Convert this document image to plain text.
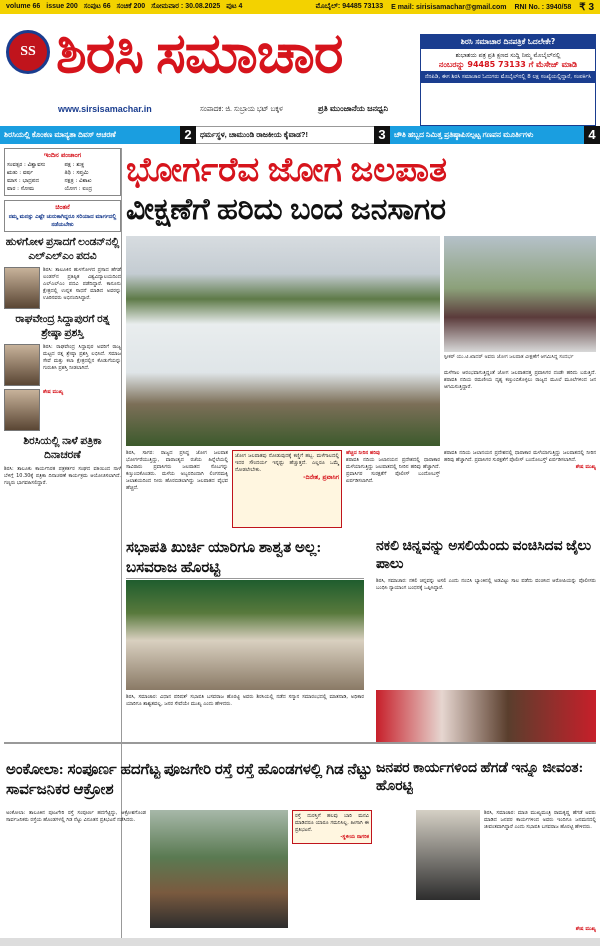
volume 66 issue 200 ಸಂಪುಟ 66 ಸಂಚಿಕೆ 200 ಸೋಮವಾರ : 30.08.2025 ಪುಟ 4	ಮೊಬೈಲ್: 94485 73133 E mail: sirisisamachar@gmail.com RNI No. : 3940/58 ₹ 3
SS ಶಿರಸಿ ಸಮಾಚಾರ
www.sirsisamachar.in	ಸಂಪಾದಕ: ಜಿ. ಸುಬ್ರಾಯ ಭಟ್ ಬಕ್ಕಳ	ಪ್ರತಿ ಮುಂಜಾನೆಯ ಜನಧ್ವನಿ
ಶಿರಸಿ ಸಮಾಚಾರ ದಿನಪತ್ರಿಕೆ ಓದಲೇಕೇ?
ಶುಭಾಶಯ ಪತ್ರ ಪ್ರತಿ ಕ್ಷಣದ ಸುದ್ದಿ ನಿಮ್ಮ ಮೊಬೈಲ್‌ನಲ್ಲಿ
ನಂಬರನ್ನು 94485 73133 ಗೆ ಮೆಸೇಜ್ ಮಾಡಿ
ನೆನಪಿಡಿ, ಈಗ ಶಿರಸಿ ಸಮಾಚಾರ ಓದುಗರು ಮೊಬೈಲ್‌ನಲ್ಲಿ 8 ಲಕ್ಷ ಸಂಖ್ಯೆಯಲ್ಲಿದ್ದಾರೆ, ಸಂಪರ್ಕಿಸಿ
ಶಿರಸಿಯಲ್ಲಿ ಕೊಂಕಣ ಮಾನ್ಯತಾ ದಿವಸ್ ಆಚರಣೆ	2	ಧರ್ಮಸ್ಥಳ, ಚಾಮುಂಡಿ ರಾಜಕೀಯ ಕೈವಾಡ?!	3	ಚೌತಿ ಹಬ್ಬದ ನಿಮಿತ್ತ ಪ್ರತಿಷ್ಠಾಪಿಸಲ್ಪಟ್ಟ ಗಣಪನ ಮೂರ್ತಿಗಳು	4
ಇಂದಿನ ಪಂಚಾಂಗ
ಸಂವತ್ಸರ : ವಿಶ್ವಾವಸು	ಪಕ್ಷ : ಶುಕ್ಲ
ಋತು : ವರ್ಷ	ತಿಥಿ : ಸಪ್ತಮಿ
ಮಾಸ : ಭಾದ್ರಪದ	ನಕ್ಷತ್ರ : ವಿಶಾಖ
ವಾರ : ಸೋಮ	ಯೋಗ : ಐಂದ್ರ
ಚಿಂತನೆ
ನಮ್ಮ ಮನಸ್ಸು ಎಷ್ಟೇ ಚುರುಕಾಗಿದ್ದರೂ ಸರಿಯಾದ ಮಾರ್ಗದಲ್ಲಿ ನಡೆಯಬೇಕು
ಹುಳಗೋಳ ಪ್ರಸಾದಗೆ ಲಂಡನ್‌ನಲ್ಲಿ ಎಲ್‌ಎಲ್‌ಎಂ ಪದವಿ
ಶಿರಸಿ: ತಾಲೂಕಿನ ಹುಳಗೋಳದ ಪ್ರಸಾದ ಹೆಗಡೆ ಲಂಡನ್‌ನ ಪ್ರತಿಷ್ಠಿತ ವಿಶ್ವವಿದ್ಯಾಲಯದಿಂದ ಎಲ್‌ಎಲ್‌ಎಂ ಪದವಿ ಪಡೆದಿದ್ದಾರೆ. ಕಾನೂನು ಕ್ಷೇತ್ರದಲ್ಲಿ ಉನ್ನತ ಸಾಧನೆ ಮಾಡಿದ ಅವರನ್ನು ಊರಿನವರು ಅಭಿನಂದಿಸಿದ್ದಾರೆ.
ರಾಘವೇಂದ್ರ ಸಿದ್ದಾಪುರಗೆ ರತ್ನ ಶ್ರೇಷ್ಠಾ ಪ್ರಶಸ್ತಿ
ಶಿರಸಿ: ರಾಘವೇಂದ್ರ ಸಿದ್ದಾಪುರ ಅವರಿಗೆ ರಾಜ್ಯ ಮಟ್ಟದ ರತ್ನ ಶ್ರೇಷ್ಠಾ ಪ್ರಶಸ್ತಿ ಲಭಿಸಿದೆ. ಸಮಾಜ ಸೇವೆ ಮತ್ತು ಕಲಾ ಕ್ಷೇತ್ರದಲ್ಲಿನ ಕೊಡುಗೆಯನ್ನು ಗುರುತಿಸಿ ಪ್ರಶಸ್ತಿ ನೀಡಲಾಗಿದೆ.
ಶೇಷ ಮುಖ್ಯ
ಶಿರಸಿಯಲ್ಲಿ ನಾಳೆ ಪತ್ರಿಕಾ ದಿನಾಚರಣೆ
ಶಿರಸಿ: ತಾಲೂಕು ಕಾರ್ಯನಿರತ ಪತ್ರಕರ್ತರ ಸಂಘದ ವತಿಯಿಂದ ನಾಳೆ ಬೆಳಿಗ್ಗೆ 10.30ಕ್ಕೆ ಪತ್ರಿಕಾ ದಿನಾಚರಣೆ ಕಾರ್ಯಕ್ರಮ ಆಯೋಜಿಸಲಾಗಿದೆ. ಗಣ್ಯರು ಭಾಗವಹಿಸಲಿದ್ದಾರೆ.
ಭೋರ್ಗರೆವ ಜೋಗ ಜಲಪಾತ
ವೀಕ್ಷಣೆಗೆ ಹರಿದು ಬಂದ ಜನಸಾಗರ
ಸ್ಪೀಕರ್ ಯು.ಟಿ.ಖಾದರ್ ಅವರು ಜೋಗ ಜಲಪಾತ ವೀಕ್ಷಣೆಗೆ ಆಗಮಿಸಿದ್ದ ಸಂದರ್ಭ
ಮಳೆಗಾಲ ಆರಂಭವಾಗುತ್ತಿದ್ದಂತೆ ಜೋಗ ಜಲಪಾತದತ್ತ ಪ್ರವಾಸಿಗರ ದಂಡೇ ಹರಿದು ಬರುತ್ತಿದೆ. ಶರಾವತಿ ನದಿಯ ರಮಣೀಯ ದೃಶ್ಯ ಕಣ್ತುಂಬಿಕೊಳ್ಳಲು ರಾಜ್ಯದ ಮೂಲೆ ಮೂಲೆಗಳಿಂದ ಜನ ಆಗಮಿಸುತ್ತಿದ್ದಾರೆ.
ಶಿರಸಿ, ಸಾಗರ: ರಾಜ್ಯದ ಪ್ರಸಿದ್ಧ ಜೋಗ ಜಲಪಾತ ಭೋರ್ಗರೆಯುತ್ತಿದ್ದು, ವಾರಾಂತ್ಯದ ರಜೆಯ ಹಿನ್ನೆಲೆಯಲ್ಲಿ ಸಾವಿರಾರು ಪ್ರವಾಸಿಗರು ಜಲಪಾತದ ಸೊಬಗನ್ನು ಕಣ್ತುಂಬಿಕೊಂಡರು. ಮಳೆಯ ಅಬ್ಬರದಿಂದಾಗಿ ಲಿಂಗನಮಕ್ಕಿ ಜಲಾಶಯದಿಂದ ನೀರು ಹೊರಬಿಡಲಾಗಿದ್ದು ಜಲಪಾತದ ವೈಭವ ಹೆಚ್ಚಿದೆ.
ಜೋಗ ಜಲಪಾತವು ನೋಡುವುದಕ್ಕೆ ಕಣ್ಣಿಗೆ ಹಬ್ಬ. ಮಳೆಗಾಲದಲ್ಲಿ ಇದರ ಸೌಂದರ್ಯ ಇನ್ನಷ್ಟು ಹೆಚ್ಚುತ್ತದೆ. ಎಲ್ಲರೂ ಒಮ್ಮೆ ನೋಡಲೇಬೇಕು.
-ದಿನೇಶ, ಪ್ರವಾಸಿಗ
ಹೆಚ್ಚಿದ ನೀರಿನ ಹರಿವು
ಶರಾವತಿ ನದಿಯ ಜಲಾನಯನ ಪ್ರದೇಶದಲ್ಲಿ ಧಾರಾಕಾರ ಮಳೆಯಾಗುತ್ತಿದ್ದು ಜಲಪಾತದಲ್ಲಿ ನೀರಿನ ಹರಿವು ಹೆಚ್ಚಾಗಿದೆ. ಪ್ರವಾಸಿಗರ ಸುರಕ್ಷತೆಗೆ ಪೊಲೀಸ್ ಬಂದೋಬಸ್ತ್ ಏರ್ಪಡಿಸಲಾಗಿದೆ.
ಶರಾವತಿ ನದಿಯ ಜಲಾನಯನ ಪ್ರದೇಶದಲ್ಲಿ ಧಾರಾಕಾರ ಮಳೆಯಾಗುತ್ತಿದ್ದು ಜಲಪಾತದಲ್ಲಿ ನೀರಿನ ಹರಿವು ಹೆಚ್ಚಾಗಿದೆ. ಪ್ರವಾಸಿಗರ ಸುರಕ್ಷತೆಗೆ ಪೊಲೀಸ್ ಬಂದೋಬಸ್ತ್ ಏರ್ಪಡಿಸಲಾಗಿದೆ.
ಶೇಷ ಮುಖ್ಯ
ಸಭಾಪತಿ ಖುರ್ಚಿ ಯಾರಿಗೂ ಶಾಶ್ವತ ಅಲ್ಲ: ಬಸವರಾಜ ಹೊರಟ್ಟಿ
ಶಿರಸಿ, ಸಮಾಚಾರ: ವಿಧಾನ ಪರಿಷತ್ ಸಭಾಪತಿ ಬಸವರಾಜ ಹೊರಟ್ಟಿ ಅವರು ಶಿರಸಿಯಲ್ಲಿ ನಡೆದ ಸನ್ಮಾನ ಸಮಾರಂಭದಲ್ಲಿ ಮಾತನಾಡಿ, ಅಧಿಕಾರ ಯಾರಿಗೂ ಶಾಶ್ವತವಲ್ಲ, ಜನರ ಸೇವೆಯೇ ಮುಖ್ಯ ಎಂದು ಹೇಳಿದರು.
ನಕಲಿ ಚಿನ್ನವನ್ನು ಅಸಲಿಯೆಂದು ವಂಚಿಸಿದವ ಜೈಲು ಪಾಲು
ಶಿರಸಿ, ಸಮಾಚಾರ: ನಕಲಿ ಚಿನ್ನವನ್ನು ಅಸಲಿ ಎಂದು ನಂಬಿಸಿ ಬ್ಯಾಂಕಿನಲ್ಲಿ ಅಡವಿಟ್ಟು ಸಾಲ ಪಡೆದು ವಂಚಿಸಿದ ಆರೋಪಿಯನ್ನು ಪೊಲೀಸರು ಬಂಧಿಸಿ ನ್ಯಾಯಾಂಗ ಬಂಧನಕ್ಕೆ ಒಪ್ಪಿಸಿದ್ದಾರೆ.
ಅಂಕೋಲಾ: ಸಂಪೂರ್ಣ ಹದಗೆಟ್ಟ ಪೂಜಗೇರಿ ರಸ್ತೆ ರಸ್ತೆ ಹೊಂಡಗಳಲ್ಲಿ ಗಿಡ ನೆಟ್ಟು ಸಾರ್ವಜನಿಕರ ಆಕ್ರೋಶ
ಅಂಕೋಲಾ: ತಾಲೂಕಿನ ಪೂಜಗೇರಿ ರಸ್ತೆ ಸಂಪೂರ್ಣ ಹದಗೆಟ್ಟಿದ್ದು, ಆಕ್ರೋಶಗೊಂಡ ಸಾರ್ವಜನಿಕರು ರಸ್ತೆಯ ಹೊಂಡಗಳಲ್ಲಿ ಗಿಡ ನೆಟ್ಟು ವಿನೂತನ ಪ್ರತಿಭಟನೆ ನಡೆಸಿದರು.
ರಸ್ತೆ ದುರಸ್ತಿಗೆ ಹಲವು ಬಾರಿ ಮನವಿ ಮಾಡಿದರೂ ಯಾರೂ ಗಮನಿಸಿಲ್ಲ. ಹೀಗಾಗಿ ಈ ಪ್ರತಿಭಟನೆ.
-ಸ್ಥಳೀಯ ನಾಗರಿಕ
ಜನಪರ ಕಾರ್ಯಗಳಿಂದ ಹೆಗಡೆ ಇನ್ನೂ ಜೀವಂತ: ಹೊರಟ್ಟಿ
ಶಿರಸಿ, ಸಮಾಚಾರ: ಮಾಜಿ ಮುಖ್ಯಮಂತ್ರಿ ರಾಮಕೃಷ್ಣ ಹೆಗಡೆ ಅವರು ಮಾಡಿದ ಜನಪರ ಕಾರ್ಯಗಳಿಂದ ಅವರು ಇಂದಿಗೂ ಜನಮನದಲ್ಲಿ ಜೀವಂತವಾಗಿದ್ದಾರೆ ಎಂದು ಸಭಾಪತಿ ಬಸವರಾಜ ಹೊರಟ್ಟಿ ಹೇಳಿದರು.
ಶೇಷ ಮುಖ್ಯ
